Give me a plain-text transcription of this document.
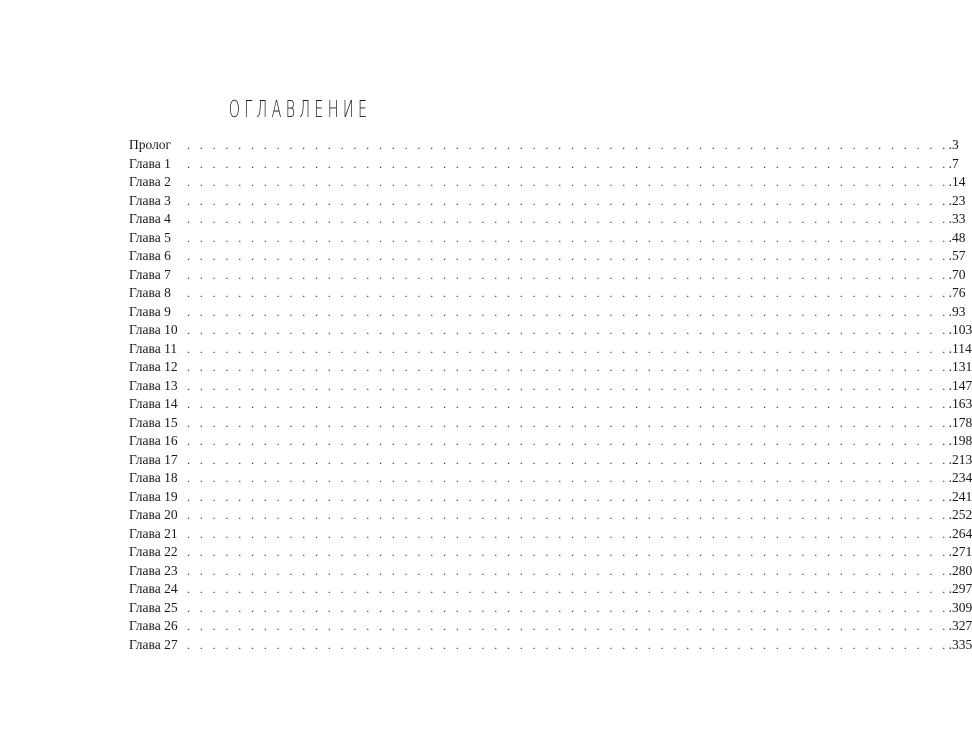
ОГЛАВЛЕНИЕ
Пролог	. . . . . . . . . . . . . . . . . . . . . . . . . . . . . . . . . . . . . . . . . . . . . . . . . . . . . . . . . . . . .3
Глава 1	. . . . . . . . . . . . . . . . . . . . . . . . . . . . . . . . . . . . . . . . . . . . . . . . . . . . . . . . . . . . .7
Глава 2	. . . . . . . . . . . . . . . . . . . . . . . . . . . . . . . . . . . . . . . . . . . . . . . . . . . . . . . . . . . . .14
Глава 3	. . . . . . . . . . . . . . . . . . . . . . . . . . . . . . . . . . . . . . . . . . . . . . . . . . . . . . . . . . . . .23
Глава 4	. . . . . . . . . . . . . . . . . . . . . . . . . . . . . . . . . . . . . . . . . . . . . . . . . . . . . . . . . . . . .33
Глава 5	. . . . . . . . . . . . . . . . . . . . . . . . . . . . . . . . . . . . . . . . . . . . . . . . . . . . . . . . . . . . .48
Глава 6	. . . . . . . . . . . . . . . . . . . . . . . . . . . . . . . . . . . . . . . . . . . . . . . . . . . . . . . . . . . . .57
Глава 7	. . . . . . . . . . . . . . . . . . . . . . . . . . . . . . . . . . . . . . . . . . . . . . . . . . . . . . . . . . . . .70
Глава 8	. . . . . . . . . . . . . . . . . . . . . . . . . . . . . . . . . . . . . . . . . . . . . . . . . . . . . . . . . . . . .76
Глава 9	. . . . . . . . . . . . . . . . . . . . . . . . . . . . . . . . . . . . . . . . . . . . . . . . . . . . . . . . . . . . .93
Глава 10 . . . . . . . . . . . . . . . . . . . . . . . . . . . . . . . . . . . . . . . . . . . . . . . . . . . . . . . . . . . . .103
Глава 11 . . . . . . . . . . . . . . . . . . . . . . . . . . . . . . . . . . . . . . . . . . . . . . . . . . . . . . . . . . . . .114
Глава 12 . . . . . . . . . . . . . . . . . . . . . . . . . . . . . . . . . . . . . . . . . . . . . . . . . . . . . . . . . . . . .131
Глава 13 . . . . . . . . . . . . . . . . . . . . . . . . . . . . . . . . . . . . . . . . . . . . . . . . . . . . . . . . . . . . .147
Глава 14 . . . . . . . . . . . . . . . . . . . . . . . . . . . . . . . . . . . . . . . . . . . . . . . . . . . . . . . . . . . . .163
Глава 15 . . . . . . . . . . . . . . . . . . . . . . . . . . . . . . . . . . . . . . . . . . . . . . . . . . . . . . . . . . . . .178
Глава 16 . . . . . . . . . . . . . . . . . . . . . . . . . . . . . . . . . . . . . . . . . . . . . . . . . . . . . . . . . . . . .198
Глава 17 . . . . . . . . . . . . . . . . . . . . . . . . . . . . . . . . . . . . . . . . . . . . . . . . . . . . . . . . . . . . .213
Глава 18 . . . . . . . . . . . . . . . . . . . . . . . . . . . . . . . . . . . . . . . . . . . . . . . . . . . . . . . . . . . . .234
Глава 19 . . . . . . . . . . . . . . . . . . . . . . . . . . . . . . . . . . . . . . . . . . . . . . . . . . . . . . . . . . . . .241
Глава 20 . . . . . . . . . . . . . . . . . . . . . . . . . . . . . . . . . . . . . . . . . . . . . . . . . . . . . . . . . . . . .252
Глава 21 . . . . . . . . . . . . . . . . . . . . . . . . . . . . . . . . . . . . . . . . . . . . . . . . . . . . . . . . . . . . .264
Глава 22 . . . . . . . . . . . . . . . . . . . . . . . . . . . . . . . . . . . . . . . . . . . . . . . . . . . . . . . . . . . . .271
Глава 23 . . . . . . . . . . . . . . . . . . . . . . . . . . . . . . . . . . . . . . . . . . . . . . . . . . . . . . . . . . . . .280
Глава 24 . . . . . . . . . . . . . . . . . . . . . . . . . . . . . . . . . . . . . . . . . . . . . . . . . . . . . . . . . . . . .297
Глава 25 . . . . . . . . . . . . . . . . . . . . . . . . . . . . . . . . . . . . . . . . . . . . . . . . . . . . . . . . . . . . .309
Глава 26 . . . . . . . . . . . . . . . . . . . . . . . . . . . . . . . . . . . . . . . . . . . . . . . . . . . . . . . . . . . . .327
Глава 27 . . . . . . . . . . . . . . . . . . . . . . . . . . . . . . . . . . . . . . . . . . . . . . . . . . . . . . . . . . . . .335
